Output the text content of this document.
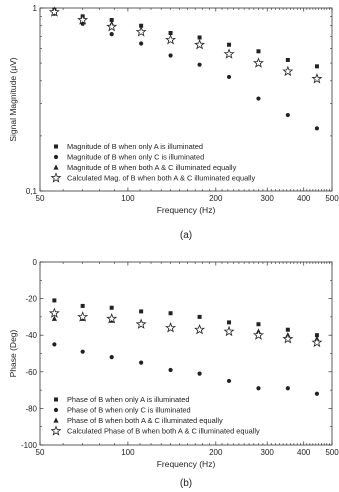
50	100	200	300	400 500
0,1
1
Frequency (Hz)
Signal Magnitude (μV)
Magnitude of B when only A is illuminated
Magnitude of B when only C is illuminated
Magnitude of B when both A & C illuminated equally
Calculated Mag. of B when both A & C illuminated equally
(a)
50	100	200	300	400 500
0
-20
-40
-60
-80
-100
Frequency (Hz)
Phase (Deg)
Phase of B when only A is illuminated
Phase of B when only C is illuminated
Phase of B when both A & C illuminated equally
Calculated Phase of B when both A & C illuminated equally
(b)
